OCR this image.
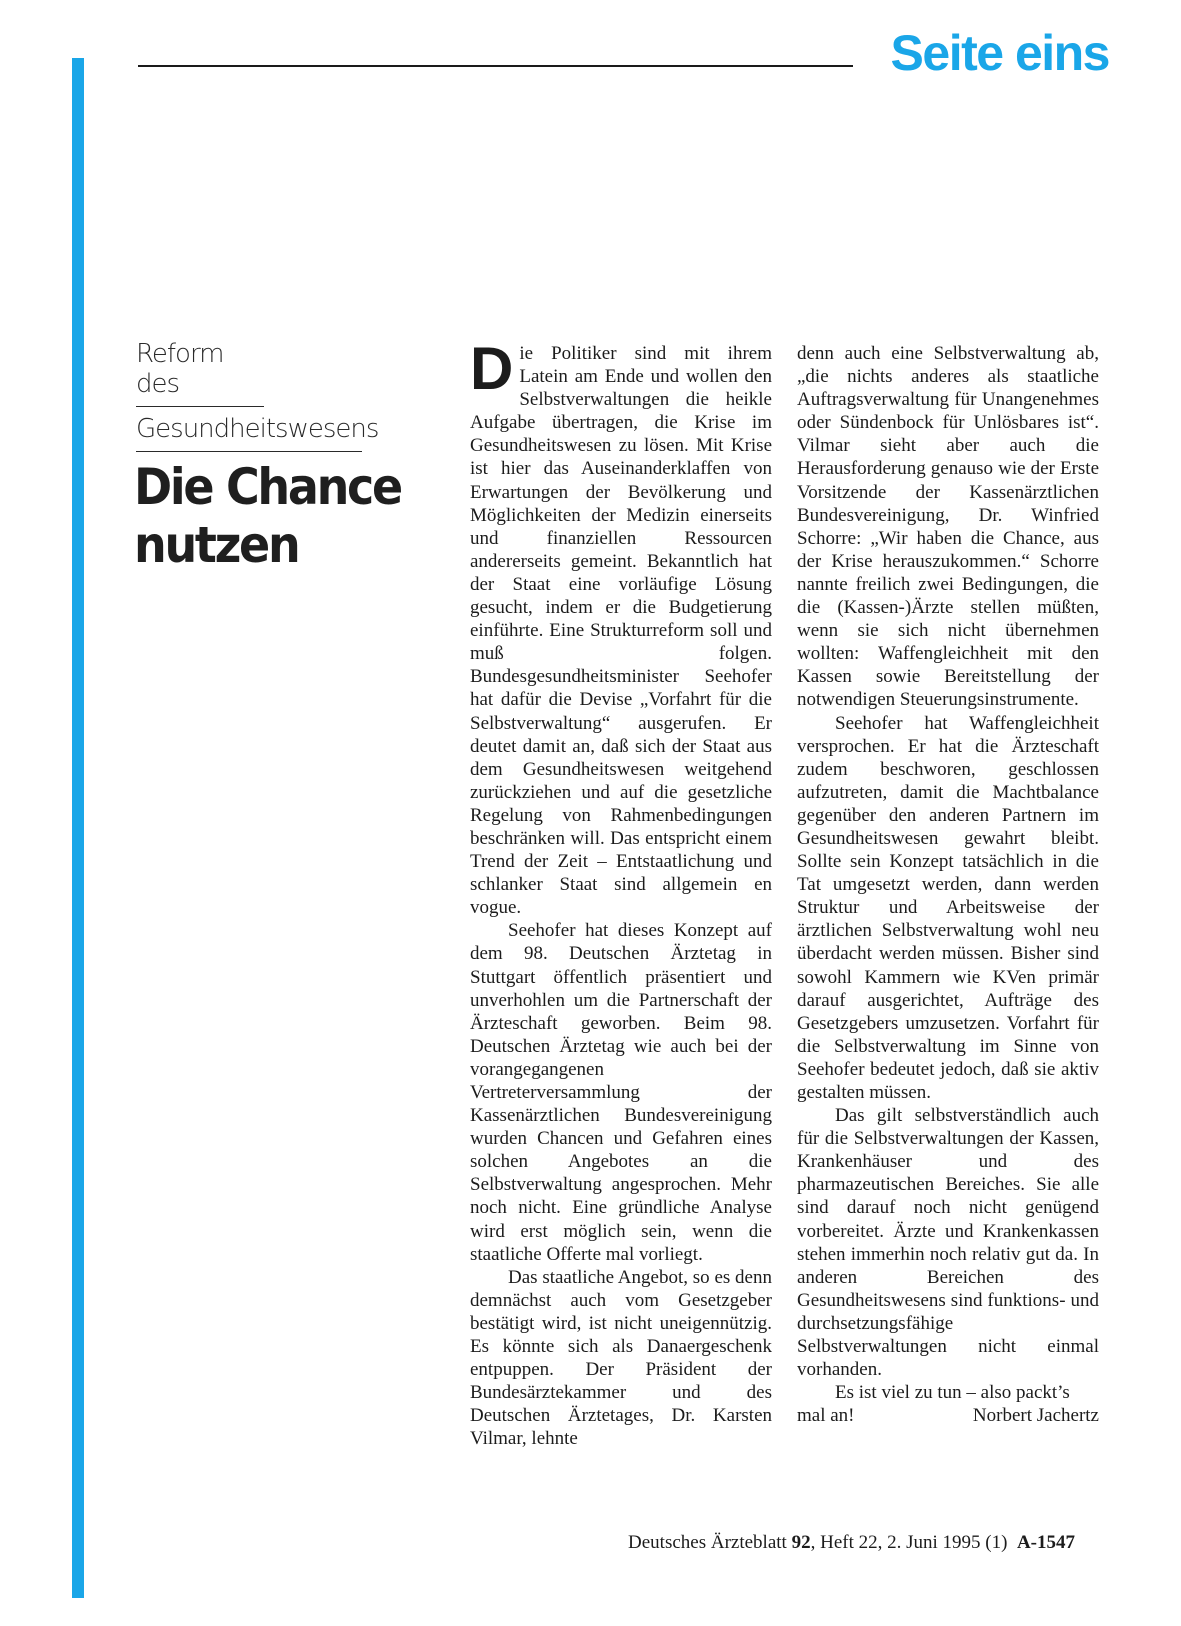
Seite eins
Reform des
Gesundheitswesens
Die Chance
nutzen

Die Politiker sind mit ihrem Latein am Ende und wollen den Selbstverwaltungen die heikle Aufgabe übertragen, die Krise im Gesundheitswesen zu lösen. Mit Krise ist hier das Auseinanderklaffen von Erwartungen der Bevölkerung und Möglichkeiten der Medizin einerseits und finanziellen Ressourcen andererseits gemeint. Bekanntlich hat der Staat eine vorläufige Lösung gesucht, indem er die Budgetierung einführte. Eine Strukturreform soll und muß folgen. Bundesgesundheitsminister Seehofer hat dafür die Devise „Vorfahrt für die Selbstverwaltung“ ausgerufen. Er deutet damit an, daß sich der Staat aus dem Gesundheitswesen weitgehend zurückziehen und auf die gesetzliche Regelung von Rahmenbedingungen beschränken will. Das entspricht einem Trend der Zeit – Entstaatlichung und schlanker Staat sind allgemein en vogue.

Seehofer hat dieses Konzept auf dem 98. Deutschen Ärztetag in Stuttgart öffentlich präsentiert und unverhohlen um die Partnerschaft der Ärzteschaft geworben. Beim 98. Deutschen Ärztetag wie auch bei der vorangegangenen Vertreterversammlung der Kassenärztlichen Bundesvereinigung wurden Chancen und Gefahren eines solchen Angebotes an die Selbstverwaltung angesprochen. Mehr noch nicht. Eine gründliche Analyse wird erst möglich sein, wenn die staatliche Offerte mal vorliegt.

Das staatliche Angebot, so es denn demnächst auch vom Gesetzgeber bestätigt wird, ist nicht uneigennützig. Es könnte sich als Danaergeschenk entpuppen. Der Präsident der Bundesärztekammer und des Deutschen Ärztetages, Dr. Karsten Vilmar, lehnte

denn auch eine Selbstverwaltung ab, „die nichts anderes als staatliche Auftragsverwaltung für Unangenehmes oder Sündenbock für Unlösbares ist“. Vilmar sieht aber auch die Herausforderung genauso wie der Erste Vorsitzende der Kassenärztlichen Bundesvereinigung, Dr. Winfried Schorre: „Wir haben die Chance, aus der Krise herauszukommen.“ Schorre nannte freilich zwei Bedingungen, die die (Kassen-)Ärzte stellen müßten, wenn sie sich nicht übernehmen wollten: Waffengleichheit mit den Kassen sowie Bereitstellung der notwendigen Steuerungsinstrumente.

Seehofer hat Waffengleichheit versprochen. Er hat die Ärzteschaft zudem beschworen, geschlossen aufzutreten, damit die Machtbalance gegenüber den anderen Partnern im Gesundheitswesen gewahrt bleibt. Sollte sein Konzept tatsächlich in die Tat umgesetzt werden, dann werden Struktur und Arbeitsweise der ärztlichen Selbstverwaltung wohl neu überdacht werden müssen. Bisher sind sowohl Kammern wie KVen primär darauf ausgerichtet, Aufträge des Gesetzgebers umzusetzen. Vorfahrt für die Selbstverwaltung im Sinne von Seehofer bedeutet jedoch, daß sie aktiv gestalten müssen.

Das gilt selbstverständlich auch für die Selbstverwaltungen der Kassen, Krankenhäuser und des pharmazeutischen Bereiches. Sie alle sind darauf noch nicht genügend vorbereitet. Ärzte und Krankenkassen stehen immerhin noch relativ gut da. In anderen Bereichen des Gesundheitswesens sind funktions- und durchsetzungsfähige Selbstverwaltungen nicht einmal vorhanden.

Es ist viel zu tun – also packt’s mal an!	Norbert Jachertz

Deutsches Ärzteblatt 92, Heft 22, 2. Juni 1995 (1) A-1547
